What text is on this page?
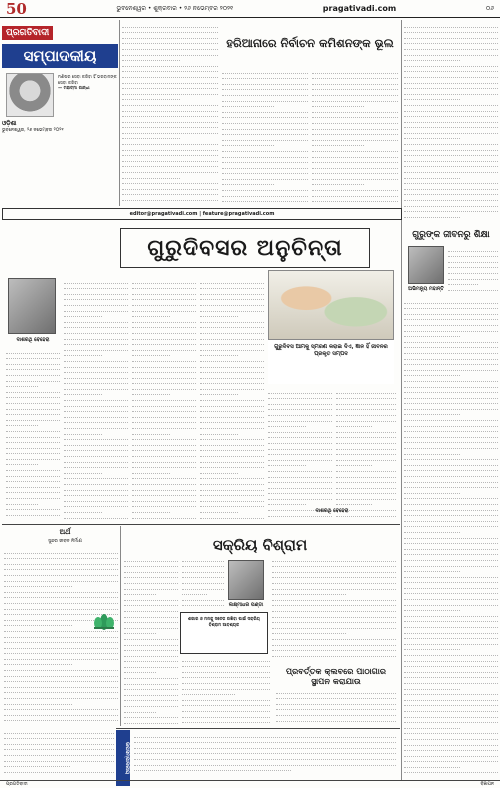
50	ଭୁବନେଶ୍ୱର • ଶୁକ୍ରବାର • ୨୬ ନଭେମ୍ବର ୨୦୨୧	pragativadi.com	୦୬
ପ୍ରଗତିବାଦୀ
ସମ୍ପାଦକୀୟ
ମଣିଷର ସେବା କରିବା ହିଁ ଭଗବାନଙ୍କ ସେବା କରିବା
— ମହାତ୍ମା ଗାନ୍ଧୀ
ଓଡ଼ିଶା
ଭୁବନେଶ୍ୱର, ୨୬ ନଭେମ୍ବର ୨୦୨୧
ହରିଆନାରେ ନିର୍ବାଚନ କମିଶନଙ୍କ ଭୂଲ
editor@pragativadi.com | feature@pragativadi.com
ଗୁରୁଦିବସର ଅନୁଚିନ୍ତା
ଦାଶରଥି ବେହେରା
ଗୁରୁଦିବସ ଆମକୁ ସ୍ମରଣ କରାଇ ଦିଏ, ଜ୍ଞାନ ହିଁ ଜୀବନର ପ୍ରକୃତ ସମ୍ପଦ
ଦାଶରଥି ବେହେରା
ଗୁରୁଙ୍କ ଜୀବନରୁ ଶିକ୍ଷା
ଅଭିମନ୍ୟୁ ମହାନ୍ତି
ଅର୍ଥ
ସୁନ୍ଦର ଜୀବନ ନିର୍ମାଣ	ସକ୍ରିୟ ବିଶ୍ରାମ
ଲକ୍ଷ୍ମୀଧର ପଣ୍ଡା
ଶରୀର ଓ ମନକୁ ସତେଜ ରଖିବା ପାଇଁ ସକ୍ରିୟ ବିଶ୍ରାମ ଆବଶ୍ୟକ
ପ୍ରବର୍ତ୍ତକ କ୍ଲବରେ ପାଠାଗାର ସ୍ଥାପନ କରାଯାଉ
ଉପସମ୍ପାଦକୀୟ
ପ୍ରଗତିବାଦୀ	ବିଜ୍ଞାପନ
